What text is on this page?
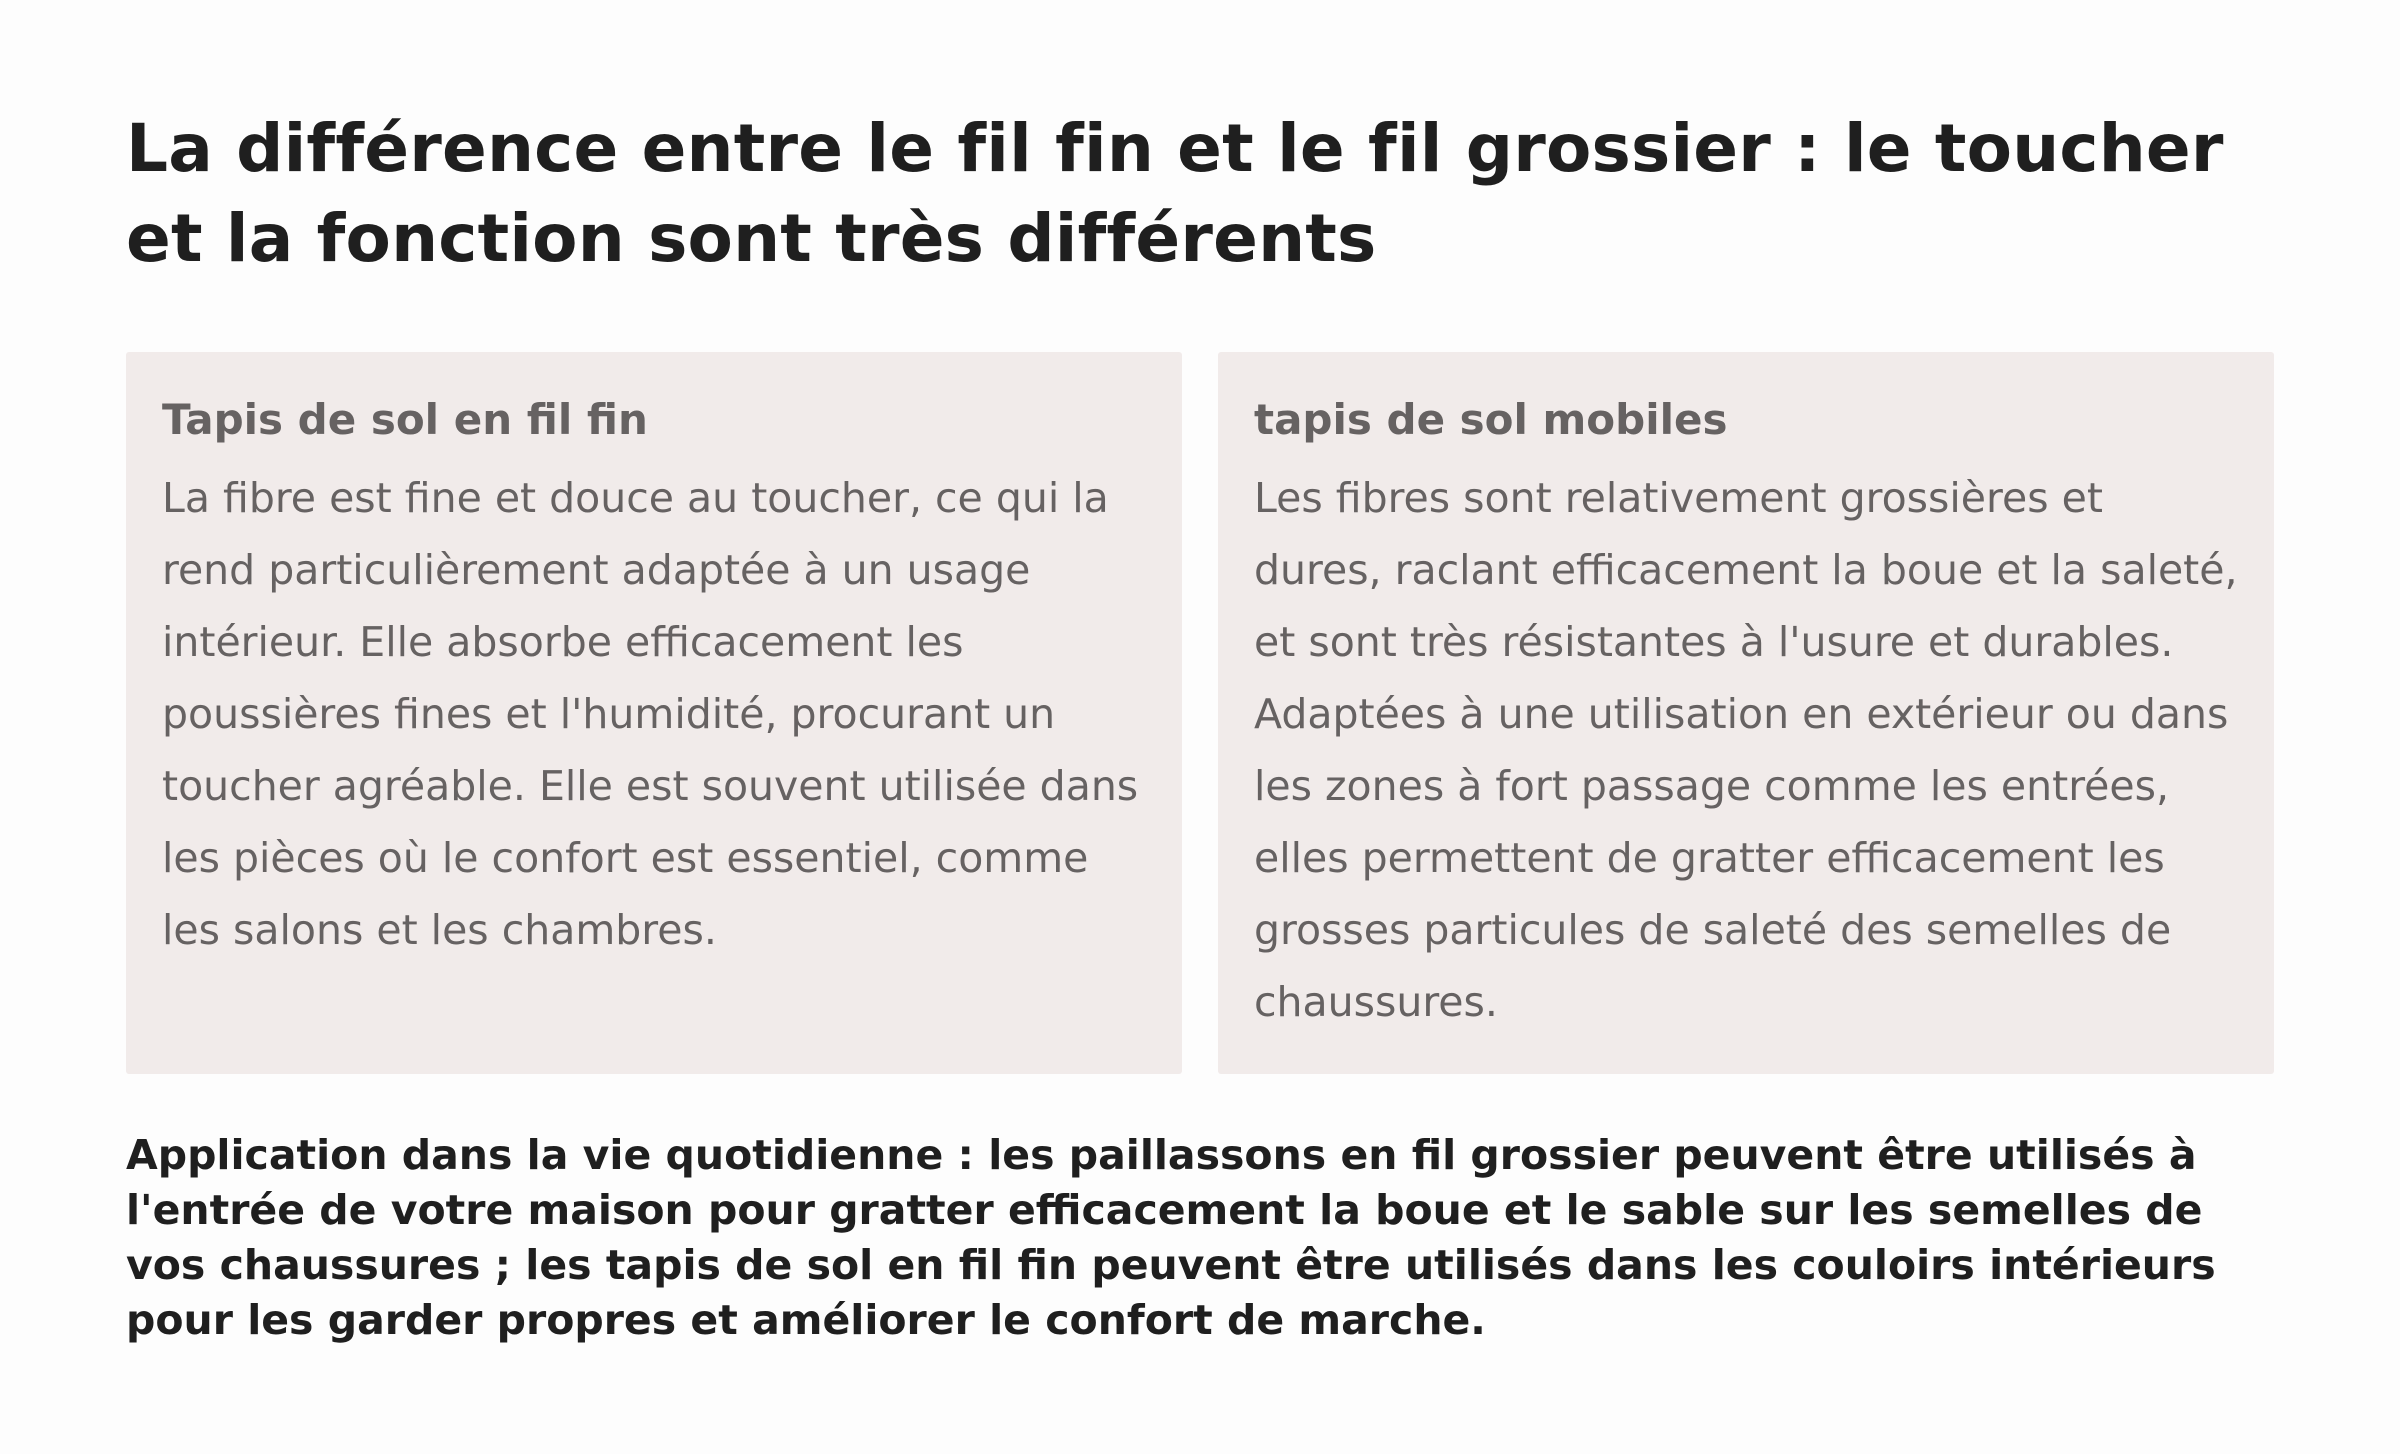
La différence entre le fil fin et le fil grossier : le toucher et la fonction sont très différents
Tapis de sol en fil fin

La fibre est fine et douce au toucher, ce qui la rend particulièrement adaptée à un usage intérieur. Elle absorbe efficacement les poussières fines et l'humidité, procurant un toucher agréable. Elle est souvent utilisée dans les pièces où le confort est essentiel, comme les salons et les chambres.

tapis de sol mobiles

Les fibres sont relativement grossières et dures, raclant efficacement la boue et la saleté, et sont très résistantes à l'usure et durables. Adaptées à une utilisation en extérieur ou dans les zones à fort passage comme les entrées, elles permettent de gratter efficacement les grosses particules de saleté des semelles de chaussures.

Application dans la vie quotidienne : les paillassons en fil grossier peuvent être utilisés à l'entrée de votre maison pour gratter efficacement la boue et le sable sur les semelles de vos chaussures ; les tapis de sol en fil fin peuvent être utilisés dans les couloirs intérieurs pour les garder propres et améliorer le confort de marche.
